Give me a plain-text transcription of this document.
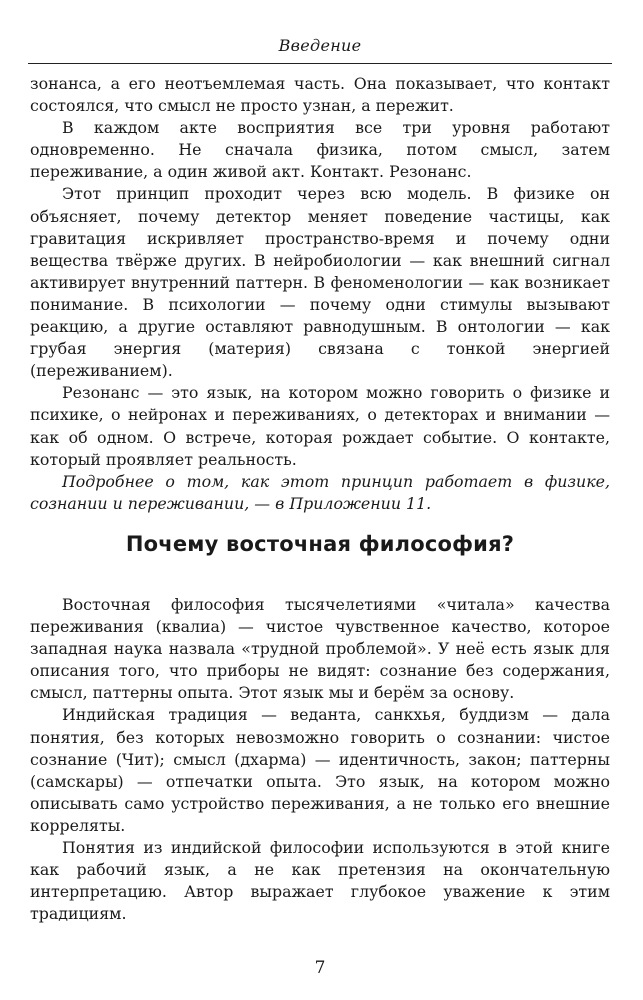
Введение

зонанса, а его неотъемлемая часть. Она показывает, что контакт состоялся, что смысл не просто узнан, а пережит.

В каждом акте восприятия все три уровня работают одновременно. Не сначала физика, потом смысл, затем переживание, а один живой акт. Контакт. Резонанс.

Этот принцип проходит через всю модель. В физике он объясняет, почему детектор меняет поведение частицы, как гравитация искривляет пространство-время и почему одни вещества твёрже других. В нейробиологии — как внешний сигнал активирует внутренний паттерн. В феноменологии — как возникает понимание. В психологии — почему одни стимулы вызывают реакцию, а другие оставляют равнодушным. В онтологии — как грубая энергия (материя) связана с тонкой энергией (переживанием).

Резонанс — это язык, на котором можно говорить о физике и психике, о нейронах и переживаниях, о детекторах и внимании — как об одном. О встрече, которая рождает событие. О контакте, который проявляет реальность.

Подробнее о том, как этот принцип работает в физике, сознании и переживании, — в Приложении 11.

Почему восточная философия?

Восточная философия тысячелетиями «читала» качества переживания (квалиа) — чистое чувственное качество, которое западная наука назвала «трудной проблемой». У неё есть язык для описания того, что приборы не видят: сознание без содержания, смысл, паттерны опыта. Этот язык мы и берём за основу.

Индийская традиция — веданта, санкхья, буддизм — дала понятия, без которых невозможно говорить о сознании: чистое сознание (Чит); смысл (дхарма) — идентичность, закон; паттерны (самскары) — отпечатки опыта. Это язык, на котором можно описывать само устройство переживания, а не только его внешние корреляты.

Понятия из индийской философии используются в этой книге как рабочий язык, а не как претензия на окончательную интерпретацию. Автор выражает глубокое уважение к этим традициям.

7
